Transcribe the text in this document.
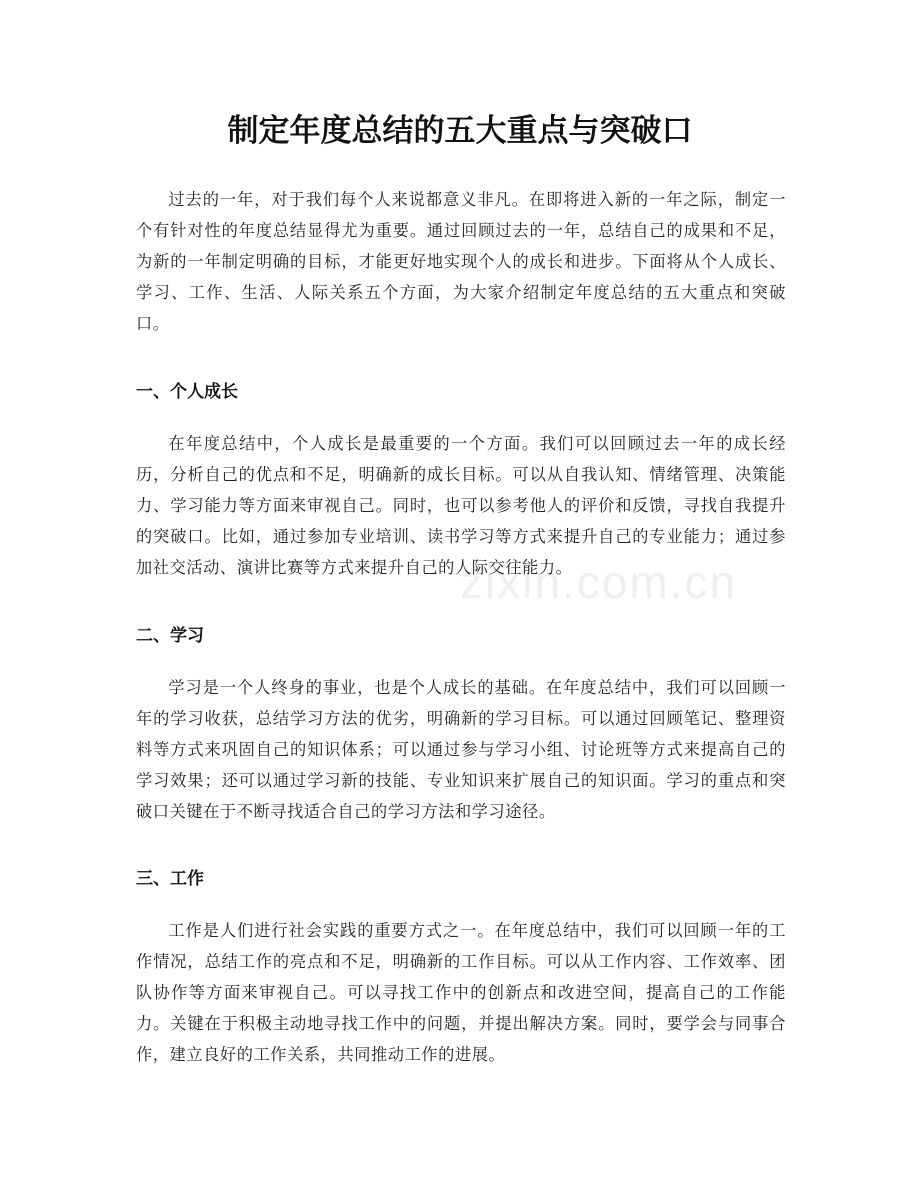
制定年度总结的五大重点与突破口

过去的一年，对于我们每个人来说都意义非凡。在即将进入新的一年之际，制定一个有针对性的年度总结显得尤为重要。通过回顾过去的一年，总结自己的成果和不足，为新的一年制定明确的目标，才能更好地实现个人的成长和进步。下面将从个人成长、学习、工作、生活、人际关系五个方面，为大家介绍制定年度总结的五大重点和突破口。

一、个人成长

在年度总结中，个人成长是最重要的一个方面。我们可以回顾过去一年的成长经历，分析自己的优点和不足，明确新的成长目标。可以从自我认知、情绪管理、决策能力、学习能力等方面来审视自己。同时，也可以参考他人的评价和反馈，寻找自我提升的突破口。比如，通过参加专业培训、读书学习等方式来提升自己的专业能力；通过参加社交活动、演讲比赛等方式来提升自己的人际交往能力。

二、学习

学习是一个人终身的事业，也是个人成长的基础。在年度总结中，我们可以回顾一年的学习收获，总结学习方法的优劣，明确新的学习目标。可以通过回顾笔记、整理资料等方式来巩固自己的知识体系；可以通过参与学习小组、讨论班等方式来提高自己的学习效果；还可以通过学习新的技能、专业知识来扩展自己的知识面。学习的重点和突破口关键在于不断寻找适合自己的学习方法和学习途径。

三、工作

工作是人们进行社会实践的重要方式之一。在年度总结中，我们可以回顾一年的工作情况，总结工作的亮点和不足，明确新的工作目标。可以从工作内容、工作效率、团队协作等方面来审视自己。可以寻找工作中的创新点和改进空间，提高自己的工作能力。关键在于积极主动地寻找工作中的问题，并提出解决方案。同时，要学会与同事合作，建立良好的工作关系，共同推动工作的进展。

zixin.com.cn
